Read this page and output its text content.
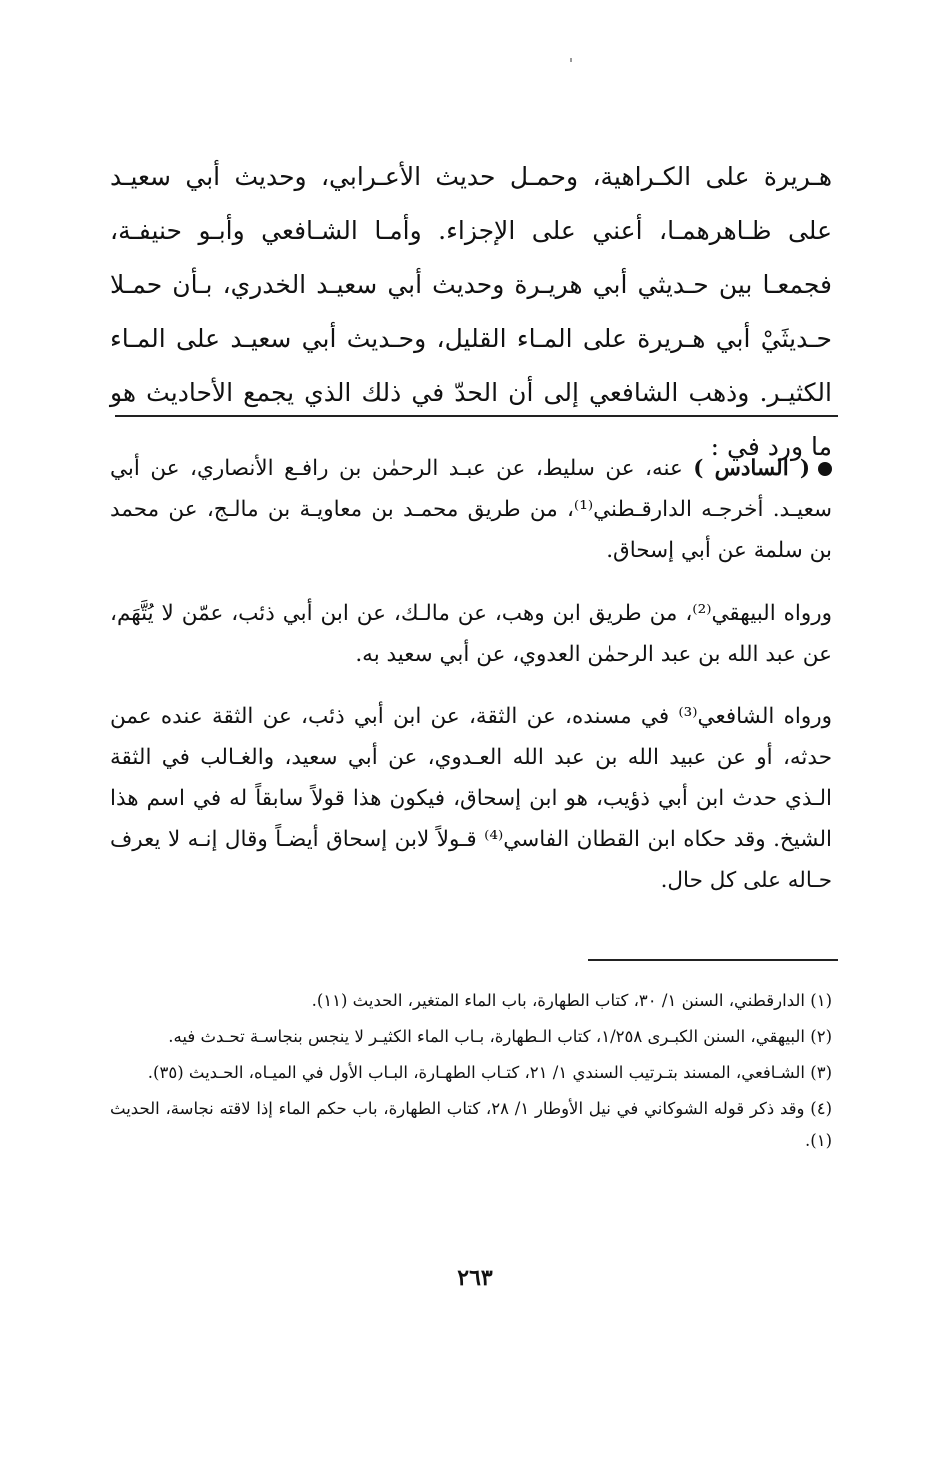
هـريرة على الكـراهية، وحمـل حديث الأعـرابي، وحديث أبي سعيـد على ظـاهرهمـا، أعني على الإجزاء. وأمـا الشـافعي وأبـو حنيفـة، فجمعـا بين حـديثي أبي هريـرة وحديث أبي سعيـد الخدري، بـأن حمـلا حـديثَيْ أبي هـريرة على المـاء القليل، وحـديث أبي سعيـد على المـاء الكثيـر. وذهب الشافعي إلى أن الحدّ في ذلك الذي يجمع الأحاديث هو ما ورد في :

( السادس ) عنه، عن سليط، عن عبـد الرحمٰن بن رافـع الأنصاري، عن أبي سعيـد. أخرجـه الدارقـطني⁽¹⁾، من طريق محمـد بن معاويـة بن مالـج، عن محمد بن سلمة عن أبي إسحاق.

ورواه البيهقي⁽²⁾، من طريق ابن وهب، عن مالـك، عن ابن أبي ذئب، عمّن لا يُتَّهَم، عن عبد الله بن عبد الرحمٰن العدوي، عن أبي سعيد به.

ورواه الشافعي⁽³⁾ في مسنده، عن الثقة، عن ابن أبي ذئب، عن الثقة عنده عمن حدثه، أو عن عبيد الله بن عبد الله العـدوي، عن أبي سعيد، والغـالب في الثقة الـذي حدث ابن أبي ذؤيب، هو ابن إسحاق، فيكون هذا قولاً سابقاً له في اسم هذا الشيخ. وقد حكاه ابن القطان الفاسي⁽⁴⁾ قـولاً لابن إسحاق أيضـاً وقال إنـه لا يعرف حـاله على كل حال.

(١) الدارقطني، السنن ١/ ٣٠، كتاب الطهارة، باب الماء المتغير، الحديث (١١).

(٢) البيهقي، السنن الكبـرى ١/٢٥٨، كتاب الـطهارة، بـاب الماء الكثيـر لا ينجس بنجاسـة تحـدث فيه.

(٣) الشـافعي، المسند بتـرتيب السندي ١/ ٢١، كتـاب الطهـارة، البـاب الأول في الميـاه، الحـديث (٣٥).

(٤) وقد ذكر قوله الشوكاني في نيل الأوطار ١/ ٢٨، كتاب الطهارة، باب حكم الماء إذا لاقته نجاسة، الحديث (١).

٢٦٣
